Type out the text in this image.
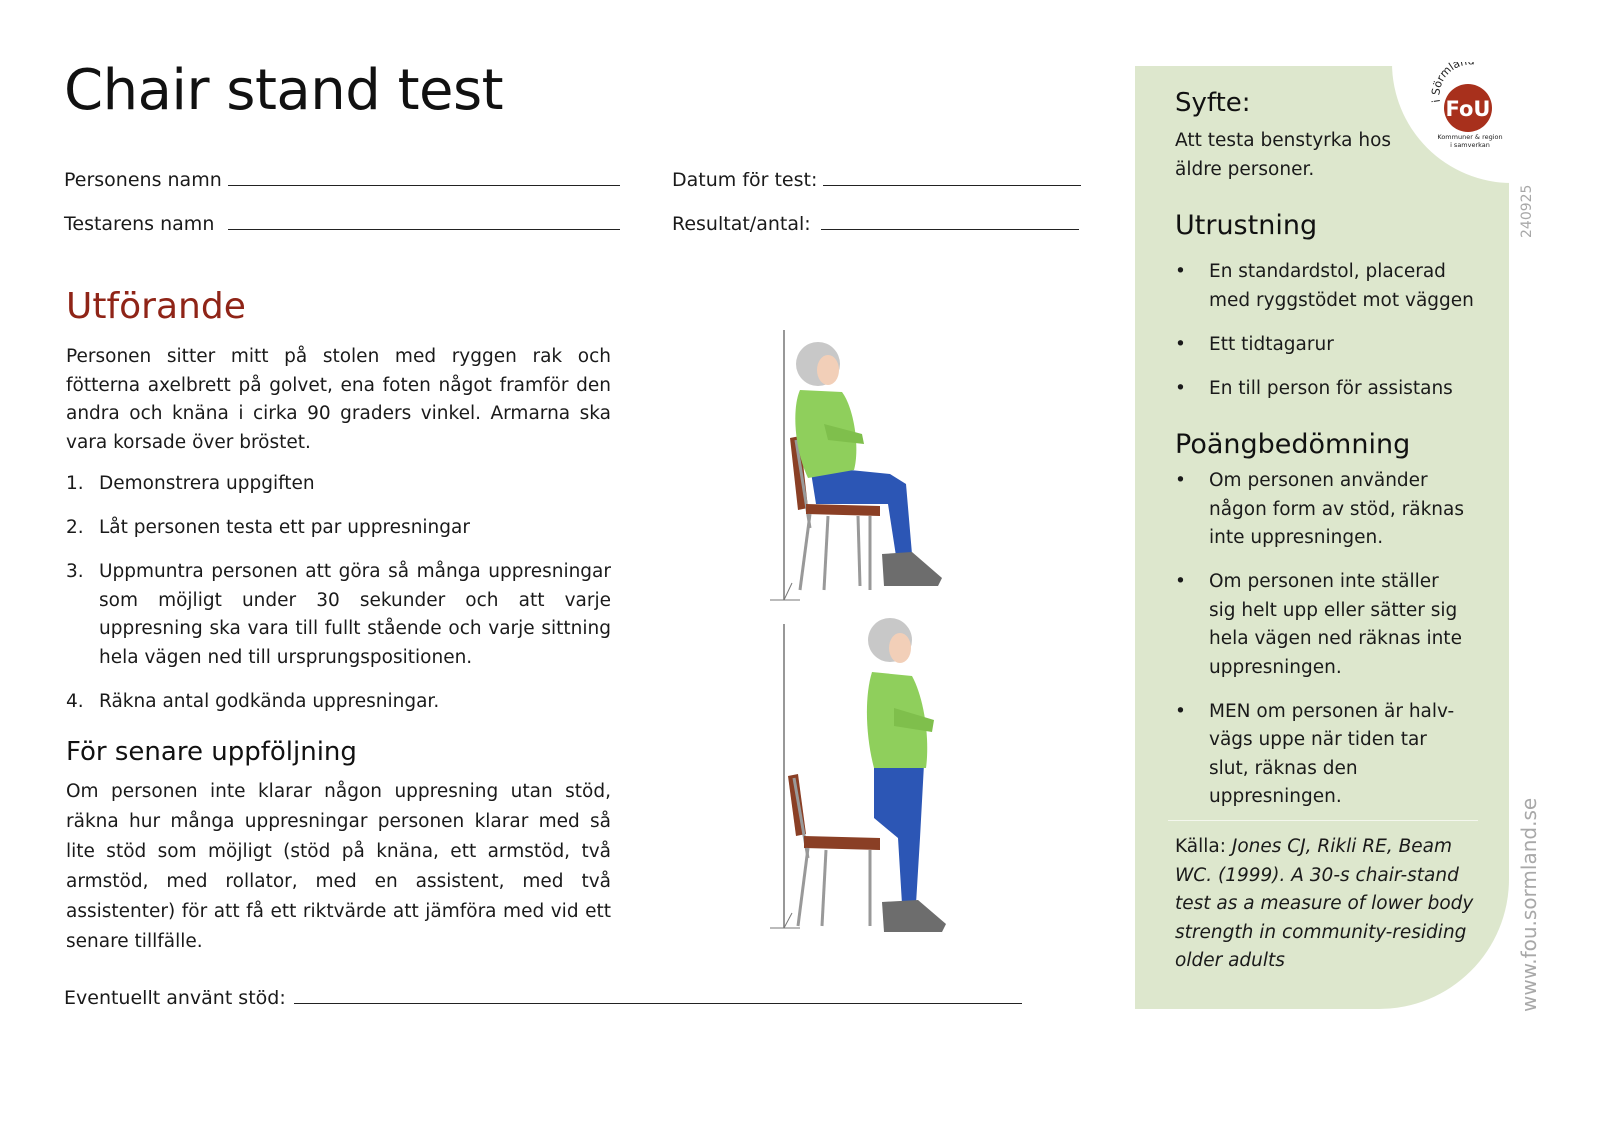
Chair stand test
Personens namn	Datum för test:
Testarens namn	Resultat/antal:
Utförande

Personen sitter mitt på stolen med ryggen rak och fötterna axelbrett på golvet, ena foten något framför den andra och knäna i cirka 90 graders vinkel. Armarna ska vara korsade över bröstet.

1. Demonstrera uppgiften
2. Låt personen testa ett par uppresningar
3. Uppmuntra personen att göra så många uppresningar som möjligt under 30 sekunder och att varje uppresning ska vara till fullt stående och varje sittning hela vägen ned till ursprungspositionen.
4. Räkna antal godkända uppresningar.
För senare uppföljning

Om personen inte klarar någon uppresning utan stöd, räkna hur många uppresningar personen klarar med så lite stöd som möjligt (stöd på knäna, ett armstöd, två armstöd, med rollator, med en assistent, med två assistenter) för att få ett riktvärde att jämföra med vid ett senare tillfälle.

Eventuellt använt stöd:
i Sörmla
FoU
Kommuner & region
i samverkan
Syfte:

Att testa benstyrka hos äldre personer.

Utrustning
• En standardstol, placerad med ryggstödet mot väggen
• Ett tidtagarur
• En till person för assistans
Poängbedömning
• Om personen använder någon form av stöd, räknas inte uppresningen.
• Om personen inte ställer sig helt upp eller sätter sig hela vägen ned räknas inte uppresningen.
• MEN om personen är halv-vägs uppe när tiden tar slut, räknas den uppresningen.

Källa: Jones CJ, Rikli RE, Beam WC. (1999). A 30-s chair-stand test as a measure of lower body strength in community-residing older adults

240925
www.fou.sormland.se
